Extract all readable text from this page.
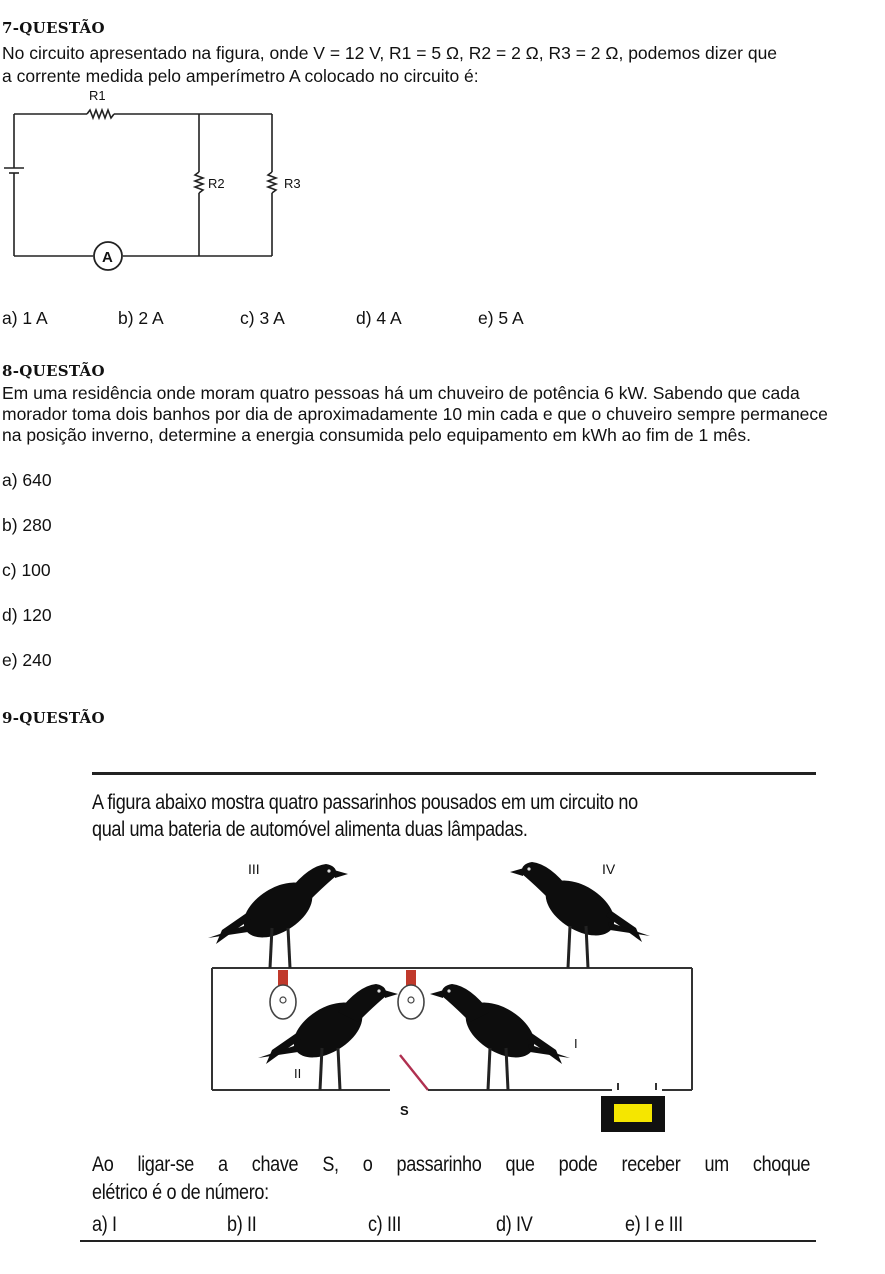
7-QUESTÃO
No circuito apresentado na figura, onde V = 12 V, R1 = 5 Ω, R2 = 2 Ω, R3 = 2 Ω, podemos dizer que
a corrente medida pelo amperímetro A colocado no circuito é:
R1
R2	R3
A
a) 1 A	b) 2 A	c) 3 A	d) 4 A	e) 5 A
8-QUESTÃO
Em uma residência onde moram quatro pessoas há um chuveiro de potência 6 kW. Sabendo que cada
morador toma dois banhos por dia de aproximadamente 10 min cada e que o chuveiro sempre permanece
na posição inverno, determine a energia consumida pelo equipamento em kWh ao fim de 1 mês.
a) 640
b) 280
c) 100
d) 120
e) 240
9-QUESTÃO
A figura abaixo mostra quatro passarinhos pousados em um circuito no
qual uma bateria de automóvel alimenta duas lâmpadas.
III	IV
II
I
S
Ao ligar-se a chave S, o passarinho que pode receber um choque
elétrico é o de número:
a) I	b) II	c) III	d) IV	e) I e III
